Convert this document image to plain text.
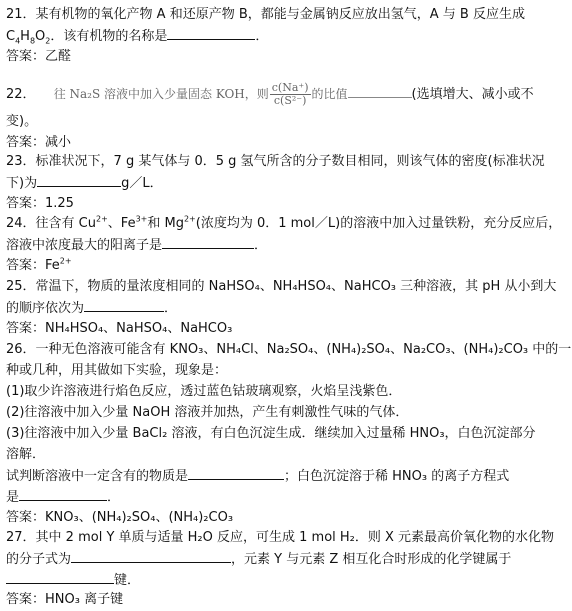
21．某有机物的氧化产物 A 和还原产物 B，都能与金属钠反应放出氢气，A 与 B 反应生成
$C_4H_8O_2$．该有机物的名称是	．
答案：乙醛
22． 往 Na₂S 溶液中加入少量固态 KOH，则 $\frac{c(Na^+)}{\text{c(S²⁻)}}$ 的比值	(选填增大、减小或不
变)。
答案：减小
23．标准状况下，7 g 某气体与 0．5 g 氢气所含的分子数目相同，则该气体的密度(标准状况
下)为	g／L．
答案：1.25
24．往含有 $Cu^{2+}$、$Fe^{3+}$和 $Mg^{2+}$(浓度均为 0．1 mol／L)的溶液中加入过量铁粉，充分反应后，
溶液中浓度最大的阳离子是	．
答案：$Fe^{2+}$
25．常温下，物质的量浓度相同的 NaHSO₄、NH₄HSO₄、NaHCO₃ 三种溶液，其 pH 从小到大
的顺序依次为	．
答案：NH₄HSO₄、NaHSO₄、NaHCO₃
26．一种无色溶液可能含有 KNO₃、NH₄Cl、Na₂SO₄、(NH₄)₂SO₄、Na₂CO₃、(NH₄)₂CO₃ 中的一
种或几种，用其做如下实验，现象是：
(1)取少许溶液进行焰色反应，透过蓝色钴玻璃观察，火焰呈浅紫色．
(2)往溶液中加入少量 NaOH 溶液并加热，产生有刺激性气味的气体．
(3)往溶液中加入少量 BaCl₂ 溶液，有白色沉淀生成．继续加入过量稀 HNO₃，白色沉淀部分
溶解．
试判断溶液中一定含有的物质是	；白色沉淀溶于稀 HNO₃ 的离子方程式
是	．
答案：KNO₃、(NH₄)₂SO₄、(NH₄)₂CO₃
27．其中 2 mol Y 单质与适量 H₂O 反应，可生成 1 mol H₂．则 X 元素最高价氧化物的水化物
的分子式为	，元素 Y 与元素 Z 相互化合时形成的化学键属于
键．
答案：HNO₃ 离子键
